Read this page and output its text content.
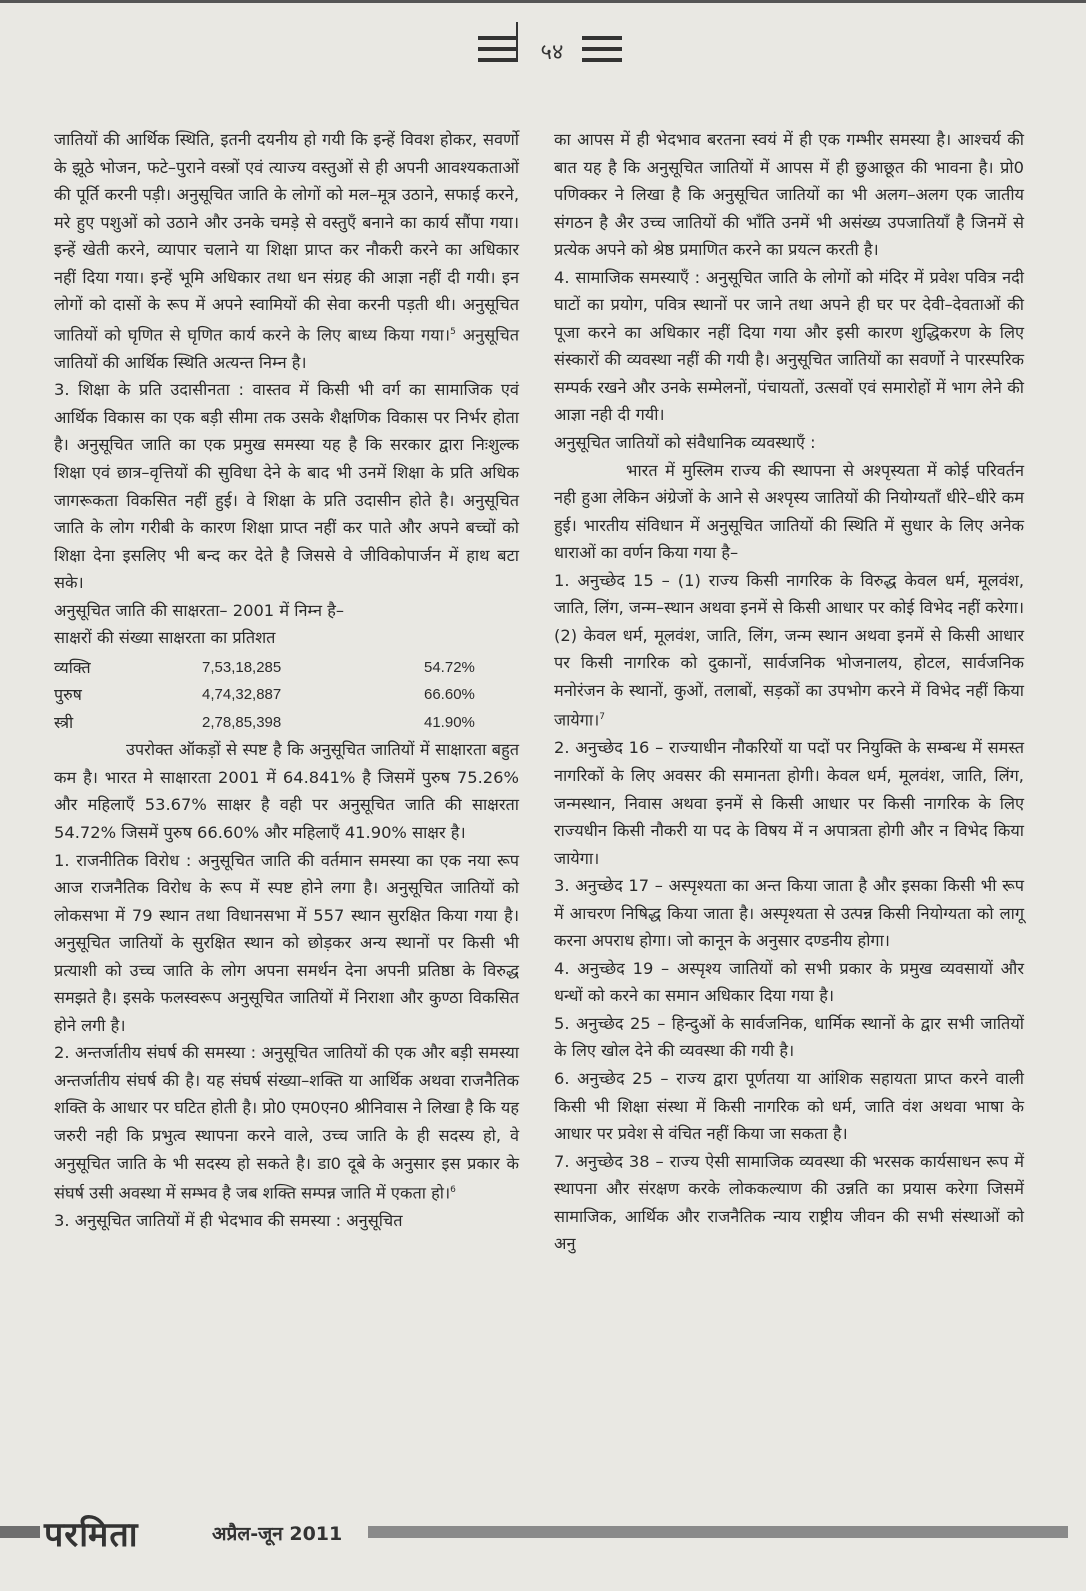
५४

जातियों की आर्थिक स्थिति, इतनी दयनीय हो गयी कि इन्हें विवश होकर, सवर्णो के झूठे भोजन, फटे–पुराने वस्त्रों एवं त्याज्य वस्तुओं से ही अपनी आवश्यकताओं की पूर्ति करनी पड़ी। अनुसूचित जाति के लोगों को मल–मूत्र उठाने, सफाई करने, मरे हुए पशुओं को उठाने और उनके चमड़े से वस्तुएँ बनाने का कार्य सौंपा गया। इन्हें खेती करने, व्यापार चलाने या शिक्षा प्राप्त कर नौकरी करने का अधिकार नहीं दिया गया। इन्हें भूमि अधिकार तथा धन संग्रह की आज्ञा नहीं दी गयी। इन लोगों को दासों के रूप में अपने स्वामियों की सेवा करनी पड़ती थी। अनुसूचित जातियों को घृणित से घृणित कार्य करने के लिए बाध्य किया गया।$^5$ अनुसूचित जातियों की आर्थिक स्थिति अत्यन्त निम्न है।

3. शिक्षा के प्रति उदासीनता : वास्तव में किसी भी वर्ग का सामाजिक एवं आर्थिक विकास का एक बड़ी सीमा तक उसके शैक्षणिक विकास पर निर्भर होता है। अनुसूचित जाति का एक प्रमुख समस्या यह है कि सरकार द्वारा निःशुल्क शिक्षा एवं छात्र–वृत्तियों की सुविधा देने के बाद भी उनमें शिक्षा के प्रति अधिक जागरूकता विकसित नहीं हुई। वे शिक्षा के प्रति उदासीन होते है। अनुसूचित जाति के लोग गरीबी के कारण शिक्षा प्राप्त नहीं कर पाते और अपने बच्चों को शिक्षा देना इसलिए भी बन्द कर देते है जिससे वे जीविकोपार्जन में हाथ बटा सके।

अनुसूचित जाति की साक्षरता– 2001 में निम्न है–

साक्षरों की संख्या साक्षरता का प्रतिशत

व्यक्ति	7,53,18,285	54.72%
पुरुष	4,74,32,887	66.60%
स्त्री	2,78,85,398	41.90%

उपरोक्त ऑकड़ों से स्पष्ट है कि अनुसूचित जातियों में साक्षारता बहुत कम है। भारत मे साक्षारता 2001 में 64.841% है जिसमें पुरुष 75.26% और महिलाएँ 53.67% साक्षर है वही पर अनुसूचित जाति की साक्षरता 54.72% जिसमें पुरुष 66.60% और महिलाएँ 41.90% साक्षर है।

1. राजनीतिक विरोध : अनुसूचित जाति की वर्तमान समस्या का एक नया रूप आज राजनैतिक विरोध के रूप में स्पष्ट होने लगा है। अनुसूचित जातियों को लोकसभा में 79 स्थान तथा विधानसभा में 557 स्थान सुरक्षित किया गया है। अनुसूचित जातियों के सुरक्षित स्थान को छोड़कर अन्य स्थानों पर किसी भी प्रत्याशी को उच्च जाति के लोग अपना समर्थन देना अपनी प्रतिष्ठा के विरुद्ध समझते है। इसके फलस्वरूप अनुसूचित जातियों में निराशा और कुण्ठा विकसित होने लगी है।

2. अन्तर्जातीय संघर्ष की समस्या : अनुसूचित जातियों की एक और बड़ी समस्या अन्तर्जातीय संघर्ष की है। यह संघर्ष संख्या–शक्ति या आर्थिक अथवा राजनैतिक शक्ति के आधार पर घटित होती है। प्रो0 एम0एन0 श्रीनिवास ने लिखा है कि यह जरुरी नही कि प्रभुत्व स्थापना करने वाले, उच्च जाति के ही सदस्य हो, वे अनुसूचित जाति के भी सदस्य हो सकते है। डा0 दूबे के अनुसार इस प्रकार के संघर्ष उसी अवस्था में सम्भव है जब शक्ति सम्पन्न जाति में एकता हो।$^6$

3. अनुसूचित जातियों में ही भेदभाव की समस्या : अनुसूचित

का आपस में ही भेदभाव बरतना स्वयं में ही एक गम्भीर समस्या है। आश्चर्य की बात यह है कि अनुसूचित जातियों में आपस में ही छुआछूत की भावना है। प्रो0 पणिक्कर ने लिखा है कि अनुसूचित जातियों का भी अलग–अलग एक जातीय संगठन है अैर उच्च जातियों की भाँति उनमें भी असंख्य उपजातियाँ है जिनमें से प्रत्येक अपने को श्रेष्ठ प्रमाणित करने का प्रयत्न करती है।

4. सामाजिक समस्याएँ : अनुसूचित जाति के लोगों को मंदिर में प्रवेश पवित्र नदी घाटों का प्रयोग, पवित्र स्थानों पर जाने तथा अपने ही घर पर देवी–देवताओं की पूजा करने का अधिकार नहीं दिया गया और इसी कारण शुद्धिकरण के लिए संस्कारों की व्यवस्था नहीं की गयी है। अनुसूचित जातियों का सवर्णो ने पारस्परिक सम्पर्क रखने और उनके सम्मेलनों, पंचायतों, उत्सवों एवं समारोहों में भाग लेने की आज्ञा नही दी गयी।

अनुसूचित जातियों को संवैधानिक व्यवस्थाएँ :

भारत में मुस्लिम राज्य की स्थापना से अश्पृस्यता में कोई परिवर्तन नही हुआ लेकिन अंग्रेजों के आने से अश्पृस्य जातियों की नियोग्यताँ धीरे–धीरे कम हुई। भारतीय संविधान में अनुसूचित जातियों की स्थिति में सुधार के लिए अनेक धाराओं का वर्णन किया गया है–

1. अनुच्छेद 15 – (1) राज्य किसी नागरिक के विरुद्ध केवल धर्म, मूलवंश, जाति, लिंग, जन्म–स्थान अथवा इनमें से किसी आधार पर कोई विभेद नहीं करेगा। (2) केवल धर्म, मूलवंश, जाति, लिंग, जन्म स्थान अथवा इनमें से किसी आधार पर किसी नागरिक को दुकानों, सार्वजनिक भोजनालय, होटल, सार्वजनिक मनोरंजन के स्थानों, कुओं, तलाबों, सड़कों का उपभोग करने में विभेद नहीं किया जायेगा।$^7$

2. अनुच्छेद 16 – राज्याधीन नौकरियों या पदों पर नियुक्ति के सम्बन्ध में समस्त नागरिकों के लिए अवसर की समानता होगी। केवल धर्म, मूलवंश, जाति, लिंग, जन्मस्थान, निवास अथवा इनमें से किसी आधार पर किसी नागरिक के लिए राज्यधीन किसी नौकरी या पद के विषय में न अपात्रता होगी और न विभेद किया जायेगा।

3. अनुच्छेद 17 – अस्पृश्यता का अन्त किया जाता है और इसका किसी भी रूप में आचरण निषिद्ध किया जाता है। अस्पृश्यता से उत्पन्न किसी नियोग्यता को लागू करना अपराध होगा। जो कानून के अनुसार दण्डनीय होगा।

4. अनुच्छेद 19 – अस्पृश्य जातियों को सभी प्रकार के प्रमुख व्यवसायों और धन्धों को करने का समान अधिकार दिया गया है।

5. अनुच्छेद 25 – हिन्दुओं के सार्वजनिक, धार्मिक स्थानों के द्वार सभी जातियों के लिए खोल देने की व्यवस्था की गयी है।

6. अनुच्छेद 25 – राज्य द्वारा पूर्णतया या आंशिक सहायता प्राप्त करने वाली किसी भी शिक्षा संस्था में किसी नागरिक को धर्म, जाति वंश अथवा भाषा के आधार पर प्रवेश से वंचित नहीं किया जा सकता है।

7. अनुच्छेद 38 – राज्य ऐसी सामाजिक व्यवस्था की भरसक कार्यसाधन रूप में स्थापना और संरक्षण करके लोककल्याण की उन्नति का प्रयास करेगा जिसमें सामाजिक, आर्थिक और राजनैतिक न्याय राष्ट्रीय जीवन की सभी संस्थाओं को अनु

परमिता	अप्रैल-जून 2011
